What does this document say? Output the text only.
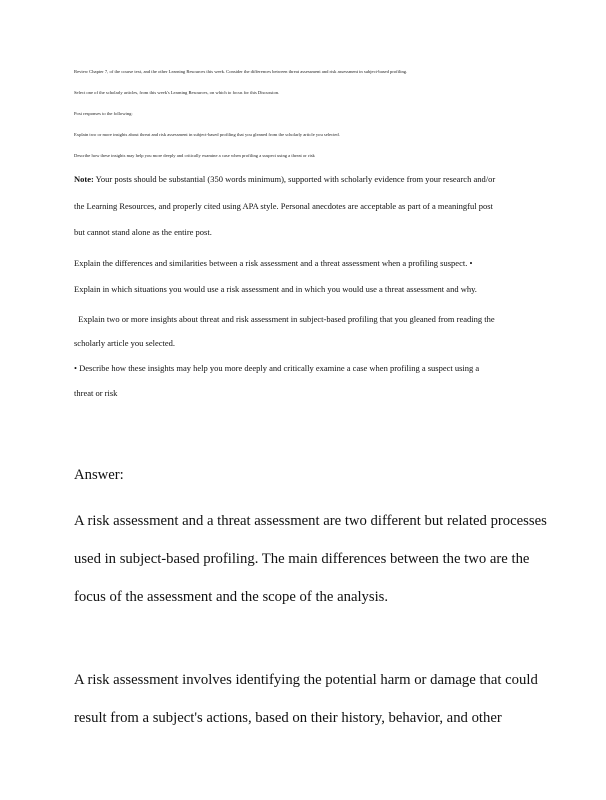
Review Chapter 7, of the course text, and the other Learning Resources this week. Consider the differences between threat assessment and risk assessment in subject-based profiling.
Select one of the scholarly articles, from this week's Learning Resources, on which to focus for this Discussion.
Post responses to the following:
Explain two or more insights about threat and risk assessment in subject-based profiling that you gleaned from the scholarly article you selected.
Describe how these insights may help you more deeply and critically examine a case when profiling a suspect using a threat or risk
Note: Your posts should be substantial (350 words minimum), supported with scholarly evidence from your research and/or
the Learning Resources, and properly cited using APA style. Personal anecdotes are acceptable as part of a meaningful post
but cannot stand alone as the entire post.
Explain the differences and similarities between a risk assessment and a threat assessment when a profiling suspect. •
Explain in which situations you would use a risk assessment and in which you would use a threat assessment and why.
Explain two or more insights about threat and risk assessment in subject-based profiling that you gleaned from reading the
scholarly article you selected.
• Describe how these insights may help you more deeply and critically examine a case when profiling a suspect using a
threat or risk
Answer:
A risk assessment and a threat assessment are two different but related processes
used in subject-based profiling. The main differences between the two are the
focus of the assessment and the scope of the analysis.
A risk assessment involves identifying the potential harm or damage that could
result from a subject's actions, based on their history, behavior, and other
